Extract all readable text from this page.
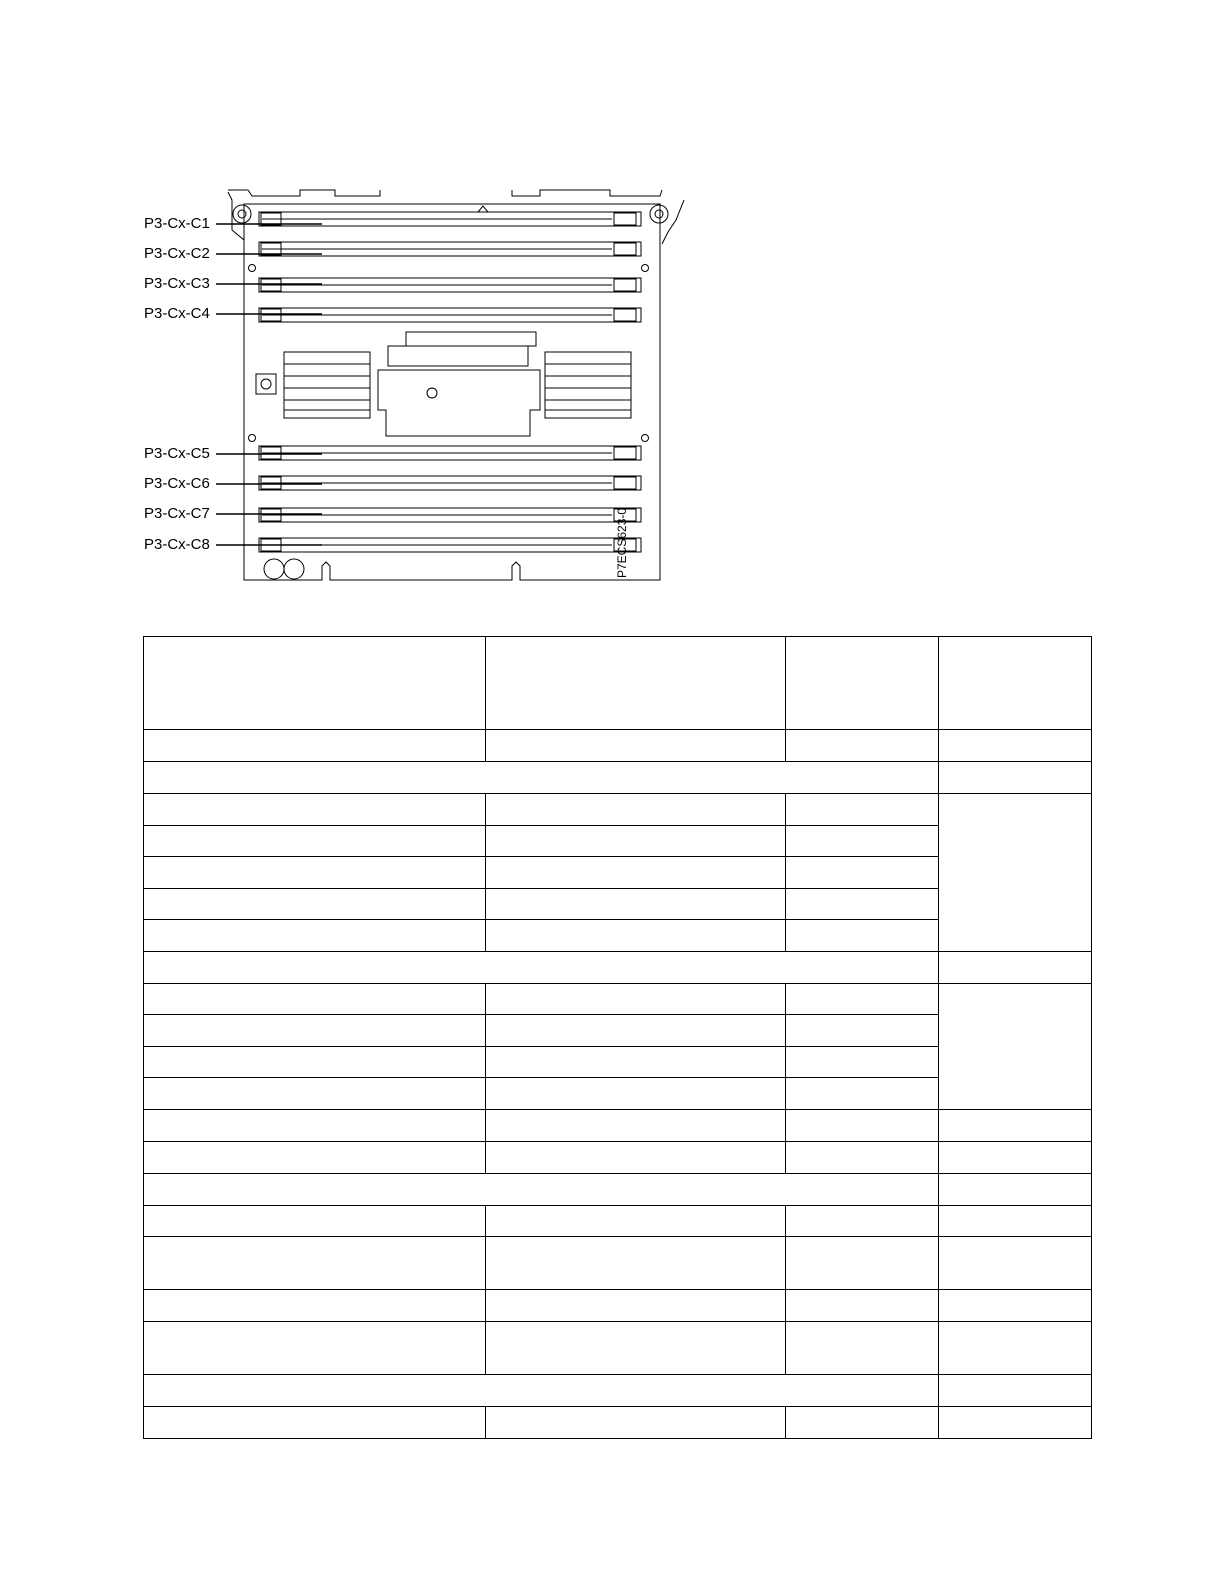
P3-Cx-C1
P3-Cx-C2
P3-Cx-C3
P3-Cx-C4
P3-Cx-C5
P3-Cx-C6
P3-Cx-C7
P3-Cx-C8	P7ECS623-0
